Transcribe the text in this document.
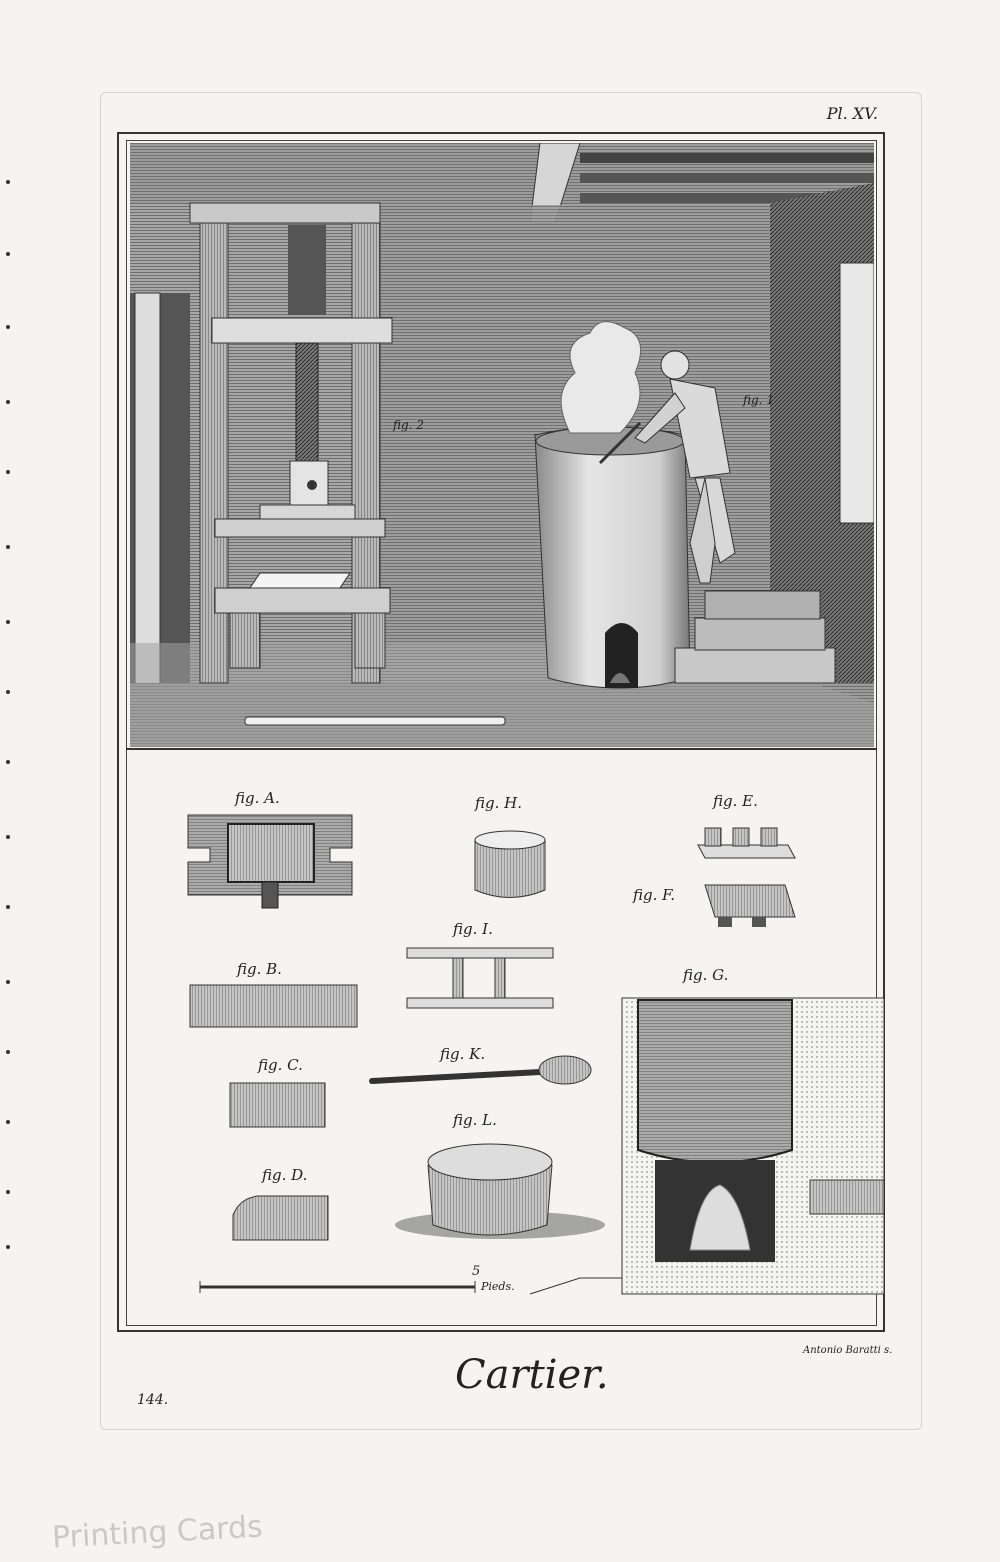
Pl. XV.
fig. 2
fig. 1
fig. A.	fig. H.	fig. E.
fig. F.
fig. I.
fig. B.	fig. G.
fig. K.
fig. C.
fig. L.
fig. D.
5
Pieds.
Antonio Baratti s.
Cartier.
144.
Printing Cards
